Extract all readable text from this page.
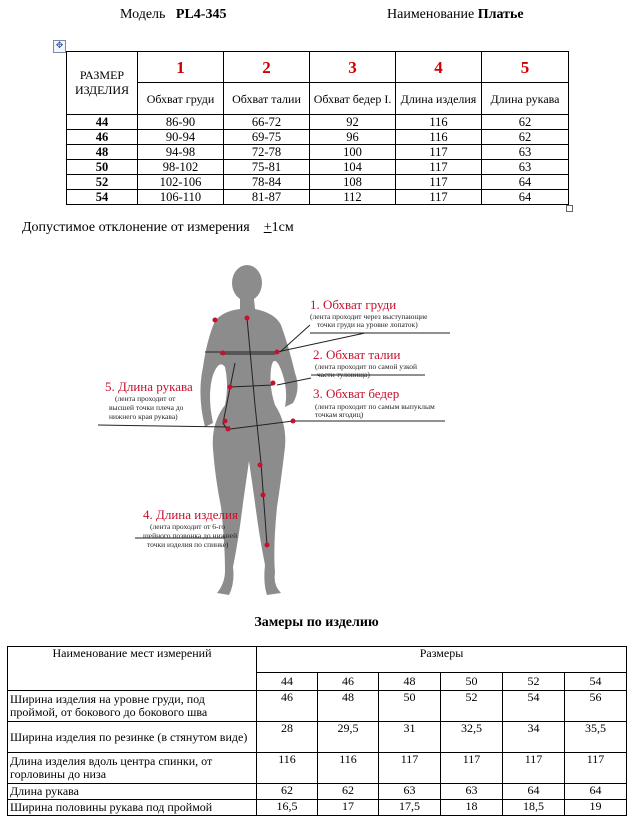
Модель PL4-345	Наименование Платье
✥
РАЗМЕР ИЗДЕЛИЯ	1	2	3	4	5
	Обхват груди	Обхват талии	Обхват бедер I.	Длина изделия	Длина рукава
44	86-90	66-72	92	116	62
46	90-94	69-75	96	116	62
48	94-98	72-78	100	117	63
50	98-102	75-81	104	117	63
52	102-106	78-84	108	117	64
54	106-110	81-87	112	117	64
Допустимое отклонение от измерения +1см
1. Обхват груди
(лента проходит через выступающие
точки груди на уровне лопаток)
2. Обхват талии
(лента проходит по самой узкой
части туловища)
3. Обхват бедер
(лента проходит по самым выпуклым
точкам ягодиц)
5. Длина рукава
(лента проходит от
высшей точки плеча до
нижнего края рукава)
4. Длина изделия
(лента проходит от 6-го
шейного позвонка до нижней
точки изделия по спинке)
Замеры по изделию
Наименование мест измерений	Размеры					
	44	46	48	50	52	54
Ширина изделия на уровне груди, под проймой, от бокового до бокового шва	46	48	50	52	54	56
Ширина изделия по резинке (в стянутом виде)	28	29,5	31	32,5	34	35,5
Длина изделия вдоль центра спинки, от горловины до низа	116	116	117	117	117	117
Длина рукава	62	62	63	63	64	64
Ширина половины рукава под проймой	16,5	17	17,5	18	18,5	19
